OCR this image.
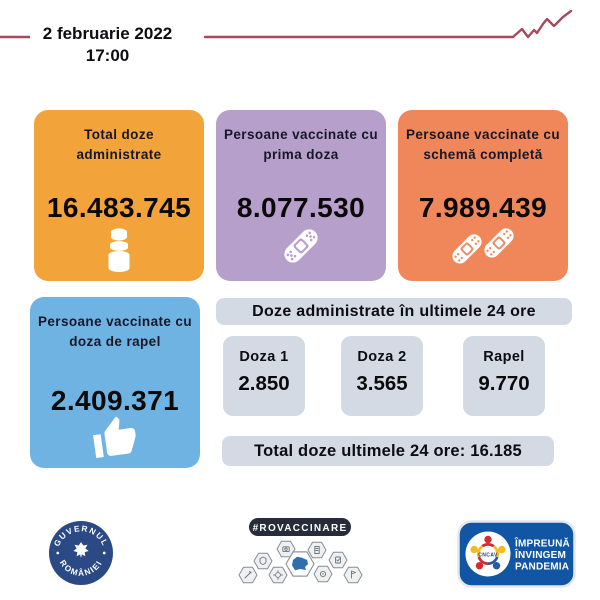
2 februarie 2022
17:00
Total doze administrate
16.483.745
Persoane vaccinate cu prima doza
8.077.530
Persoane vaccinate cu schemă completă
7.989.439
Persoane vaccinate cu doza de rapel
2.409.371
Doze administrate în ultimele 24 ore
Doza 1
2.850
Doza 2
3.565
Rapel
9.770
Total doze ultimele 24 ore: 16.185
GUVERNUL
ROMÂNIEI
#ROVACCINARE
CNCAV
ÎMPREUNĂ
ÎNVINGEM
PANDEMIA
